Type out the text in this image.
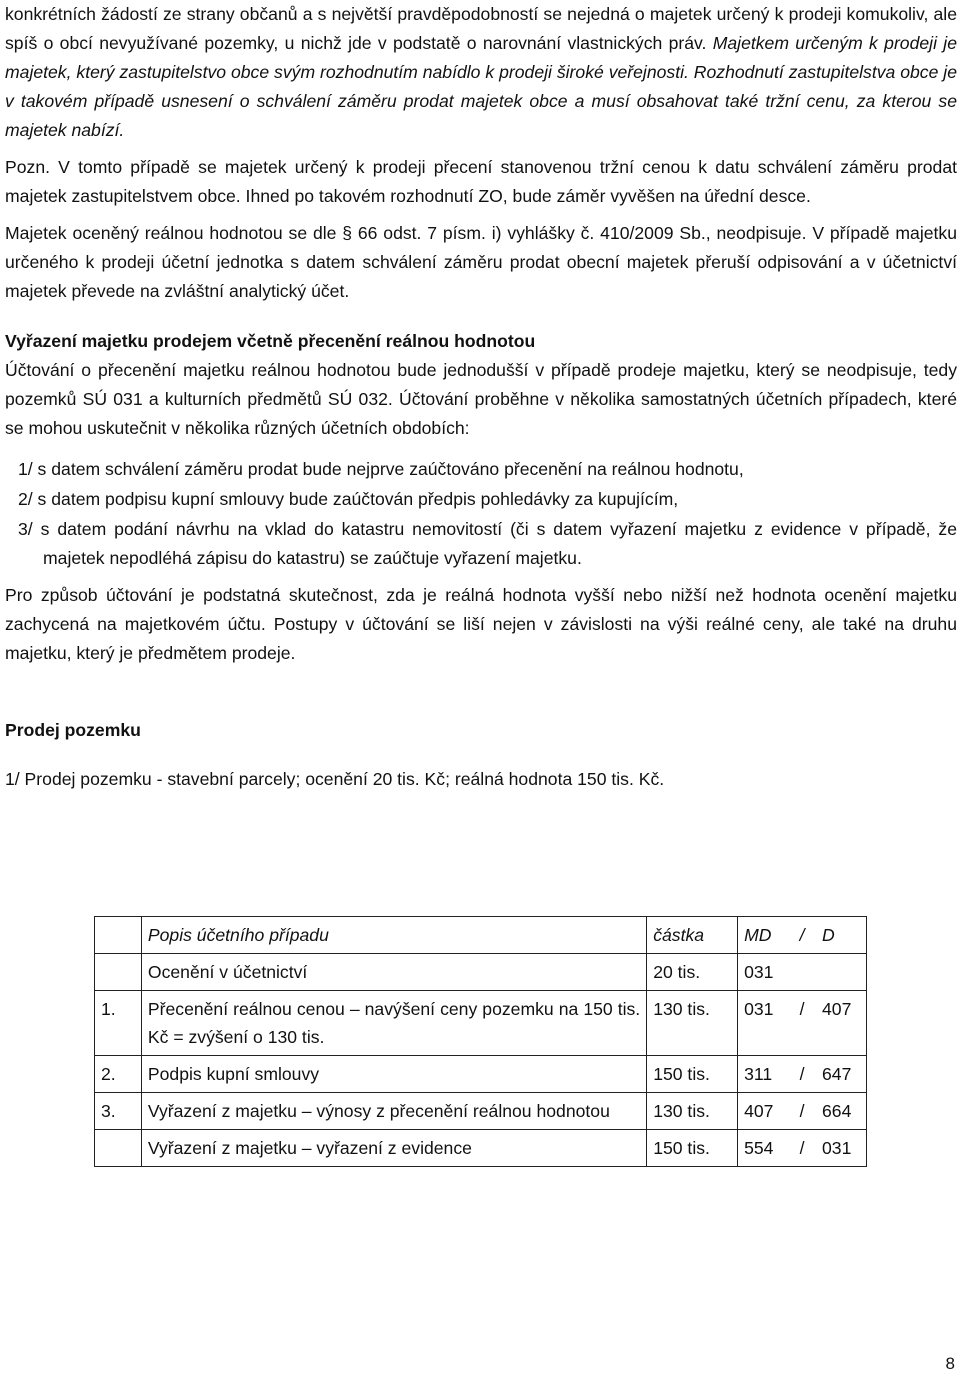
konkrétních žádostí ze strany občanů a s největší pravděpodobností se nejedná o majetek určený k prodeji komukoliv, ale spíš o obcí nevyužívané pozemky, u nichž jde v podstatě o narovnání vlastnických práv. Majetkem určeným k prodeji je majetek, který zastupitelstvo obce svým rozhodnutím nabídlo k prodeji široké veřejnosti. Rozhodnutí zastupitelstva obce je v takovém případě usnesení o schválení záměru prodat majetek obce a musí obsahovat také tržní cenu, za kterou se majetek nabízí.

Pozn. V tomto případě se majetek určený k prodeji přecení stanovenou tržní cenou k datu schválení záměru prodat majetek zastupitelstvem obce. Ihned po takovém rozhodnutí ZO, bude záměr vyvěšen na úřední desce.

Majetek oceněný reálnou hodnotou se dle § 66 odst. 7 písm. i) vyhlášky č. 410/2009 Sb., neodpisuje. V případě majetku určeného k prodeji účetní jednotka s datem schválení záměru prodat obecní majetek přeruší odpisování a v účetnictví majetek převede na zvláštní analytický účet.

Vyřazení majetku prodejem včetně přecenění reálnou hodnotou

Účtování o přecenění majetku reálnou hodnotou bude jednodušší v případě prodeje majetku, který se neodpisuje, tedy pozemků SÚ 031 a kulturních předmětů SÚ 032. Účtování proběhne v několika samostatných účetních případech, které se mohou uskutečnit v několika různých účetních obdobích:

1/ s datem schválení záměru prodat bude nejprve zaúčtováno přecenění na reálnou hodnotu,
2/ s datem podpisu kupní smlouvy bude zaúčtován předpis pohledávky za kupujícím,
3/ s datem podání návrhu na vklad do katastru nemovitostí (či s datem vyřazení majetku z evidence v případě, že majetek nepodléhá zápisu do katastru) se zaúčtuje vyřazení majetku.

Pro způsob účtování je podstatná skutečnost, zda je reálná hodnota vyšší nebo nižší než hodnota ocenění majetku zachycená na majetkovém účtu. Postupy v účtování se liší nejen v závislosti na výši reálné ceny, ale také na druhu majetku, který je předmětem prodeje.

Prodej pozemku

1/ Prodej pozemku - stavební parcely; ocenění 20 tis. Kč; reálná hodnota 150 tis. Kč.

	Popis účetního případu	částka	MD	/	D
	Ocenění v účetnictví	20 tis.	031		
1.	Přecenění reálnou cenou – navýšení ceny pozemku na 150 tis. Kč = zvýšení o 130 tis.	130 tis.	031	/	407
2.	Podpis kupní smlouvy	150 tis.	311	/	647
3.	Vyřazení z majetku – výnosy z přecenění reálnou hodnotou	130 tis.	407	/	664
	Vyřazení z majetku – vyřazení z evidence	150 tis.	554	/	031
8
